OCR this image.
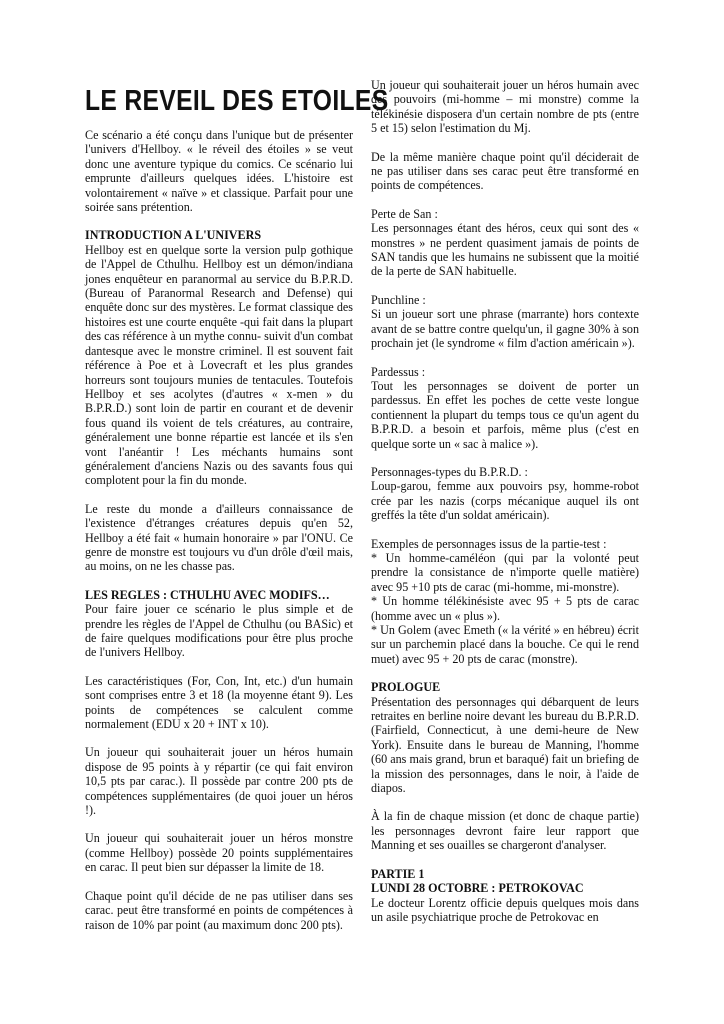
LE REVEIL DES ETOILES

Ce scénario a été conçu dans l'unique but de présenter l'univers d'Hellboy. « le réveil des étoiles » se veut donc une aventure typique du comics. Ce scénario lui emprunte d'ailleurs quelques idées. L'histoire est volontairement « naïve » et classique. Parfait pour une soirée sans prétention.

INTRODUCTION A L'UNIVERS
Hellboy est en quelque sorte la version pulp gothique de l'Appel de Cthulhu. Hellboy est un démon/indiana jones enquêteur en paranormal au service du B.P.R.D. (Bureau of Paranormal Research and Defense) qui enquête donc sur des mystères. Le format classique des histoires est une courte enquête -qui fait dans la plupart des cas référence à un mythe connu- suivit d'un combat dantesque avec le monstre criminel. Il est souvent fait référence à Poe et à Lovecraft et les plus grandes horreurs sont toujours munies de tentacules. Toutefois Hellboy et ses acolytes (d'autres « x-men » du B.P.R.D.) sont loin de partir en courant et de devenir fous quand ils voient de tels créatures, au contraire, généralement une bonne répartie est lancée et ils s'en vont l'anéantir ! Les méchants humains sont généralement d'anciens Nazis ou des savants fous qui complotent pour la fin du monde.

Le reste du monde a d'ailleurs connaissance de l'existence d'étranges créatures depuis qu'en 52, Hellboy a été fait « humain honoraire » par l'ONU. Ce genre de monstre est toujours vu d'un drôle d'œil mais, au moins, on ne les chasse pas.

LES REGLES : CTHULHU AVEC MODIFS…
Pour faire jouer ce scénario le plus simple et de prendre les règles de l'Appel de Cthulhu (ou BASic) et de faire quelques modifications pour être plus proche de l'univers Hellboy.

Les caractéristiques (For, Con, Int, etc.) d'un humain sont comprises entre 3 et 18 (la moyenne étant 9). Les points de compétences se calculent comme normalement (EDU x 20 + INT x 10).

Un joueur qui souhaiterait jouer un héros humain dispose de 95 points à y répartir (ce qui fait environ 10,5 pts par carac.). Il possède par contre 200 pts de compétences supplémentaires (de quoi jouer un héros !).

Un joueur qui souhaiterait jouer un héros monstre (comme Hellboy) possède 20 points supplémentaires en carac. Il peut bien sur dépasser la limite de 18.

Chaque point qu'il décide de ne pas utiliser dans ses carac. peut être transformé en points de compétences à raison de 10% par point (au maximum donc 200 pts).

Un joueur qui souhaiterait jouer un héros humain avec des pouvoirs (mi-homme – mi monstre) comme la télékinésie disposera d'un certain nombre de pts (entre 5 et 15) selon l'estimation du Mj.

De la même manière chaque point qu'il déciderait de ne pas utiliser dans ses carac peut être transformé en points de compétences.

Perte de San :
Les personnages étant des héros, ceux qui sont des « monstres » ne perdent quasiment jamais de points de SAN tandis que les humains ne subissent que la moitié de la perte de SAN habituelle.
Punchline :
Si un joueur sort une phrase (marrante) hors contexte avant de se battre contre quelqu'un, il gagne 30% à son prochain jet (le syndrome « film d'action américain »).
Pardessus :
Tout les personnages se doivent de porter un pardessus. En effet les poches de cette veste longue contiennent la plupart du temps tous ce qu'un agent du B.P.R.D. a besoin et parfois, même plus (c'est en quelque sorte un « sac à malice »).
Personnages-types du B.P.R.D. :
Loup-garou, femme aux pouvoirs psy, homme-robot crée par les nazis (corps mécanique auquel ils ont greffés la tête d'un soldat américain).
Exemples de personnages issus de la partie-test :
* Un homme-caméléon (qui par la volonté peut prendre la consistance de n'importe quelle matière) avec 95 +10 pts de carac (mi-homme, mi-monstre).
* Un homme télékinésiste avec 95 + 5 pts de carac (homme avec un « plus »).
* Un Golem (avec Emeth (« la vérité » en hébreu) écrit sur un parchemin placé dans la bouche. Ce qui le rend muet) avec 95 + 20 pts de carac (monstre).
PROLOGUE
Présentation des personnages qui débarquent de leurs retraites en berline noire devant les bureau du B.P.R.D. (Fairfield, Connecticut, à une demi-heure de New York). Ensuite dans le bureau de Manning, l'homme (60 ans mais grand, brun et baraqué) fait un briefing de la mission des personnages, dans le noir, à l'aide de diapos.

À la fin de chaque mission (et donc de chaque partie) les personnages devront faire leur rapport que Manning et ses ouailles se chargeront d'analyser.

PARTIE 1
LUNDI 28 OCTOBRE : PETROKOVAC
Le docteur Lorentz officie depuis quelques mois dans un asile psychiatrique proche de Petrokovac en
